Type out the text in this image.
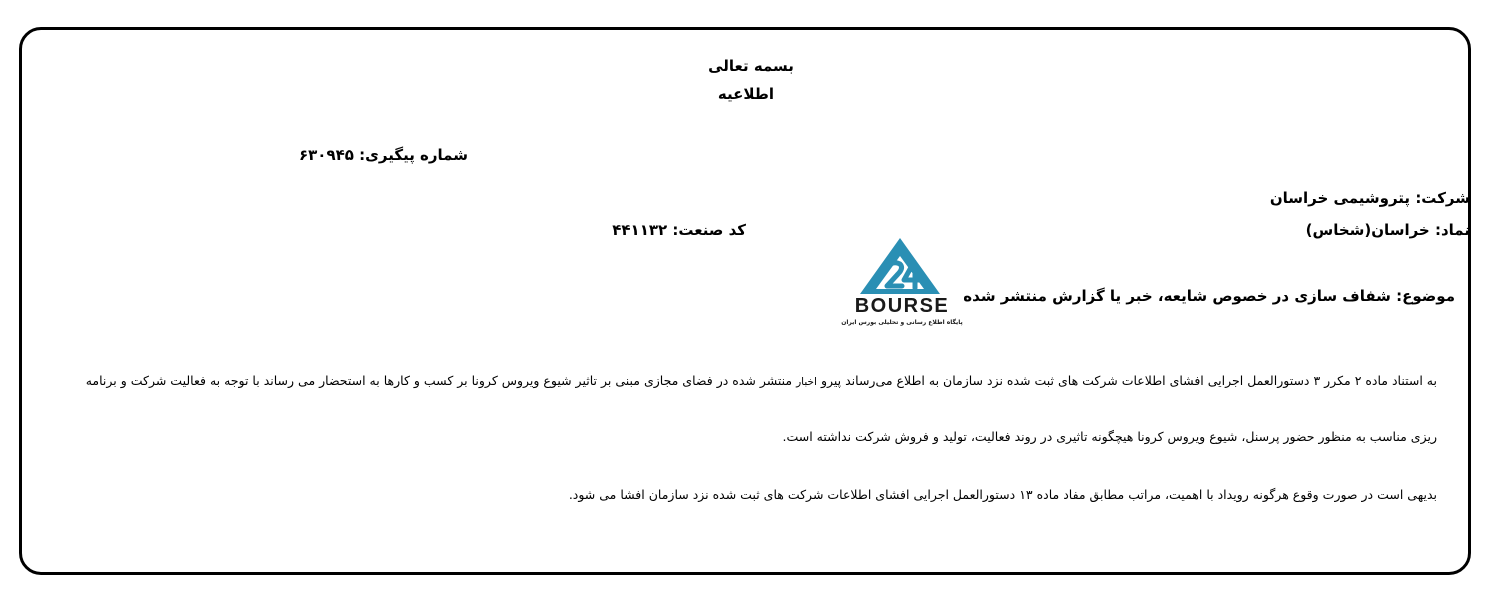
بسمه تعالی
اطلاعیه
شماره پیگیری: ۶۳۰۹۴۵
شرکت: پتروشیمی خراسان
نماد: خراسان(شخاس)
کد صنعت: ۴۴۱۱۳۲
موضوع: شفاف سازی در خصوص شایعه، خبر یا گزارش منتشر شده
BOURSE
پایگاه اطلاع رسانی و تحلیلی بورس ایران
به استناد ماده ۲ مکرر ۳ دستورالعمل اجرایی افشای اطلاعات شرکت های ثبت شده نزد سازمان به اطلاع می‌رساند پیرو اخبار منتشر شده در فضای مجازی مبنی بر تاثیر شیوع ویروس کرونا بر کسب و کارها به استحضار می رساند با توجه به فعالیت شرکت و برنامه
ریزی مناسب به منظور حضور پرسنل، شیوع ویروس کرونا هیچگونه تاثیری در روند فعالیت، تولید و فروش شرکت نداشته است.
بدیهی است در صورت وقوع هرگونه رویداد با اهمیت، مراتب مطابق مفاد ماده ۱۳ دستورالعمل اجرایی افشای اطلاعات شرکت های ثبت شده نزد سازمان افشا می شود.
